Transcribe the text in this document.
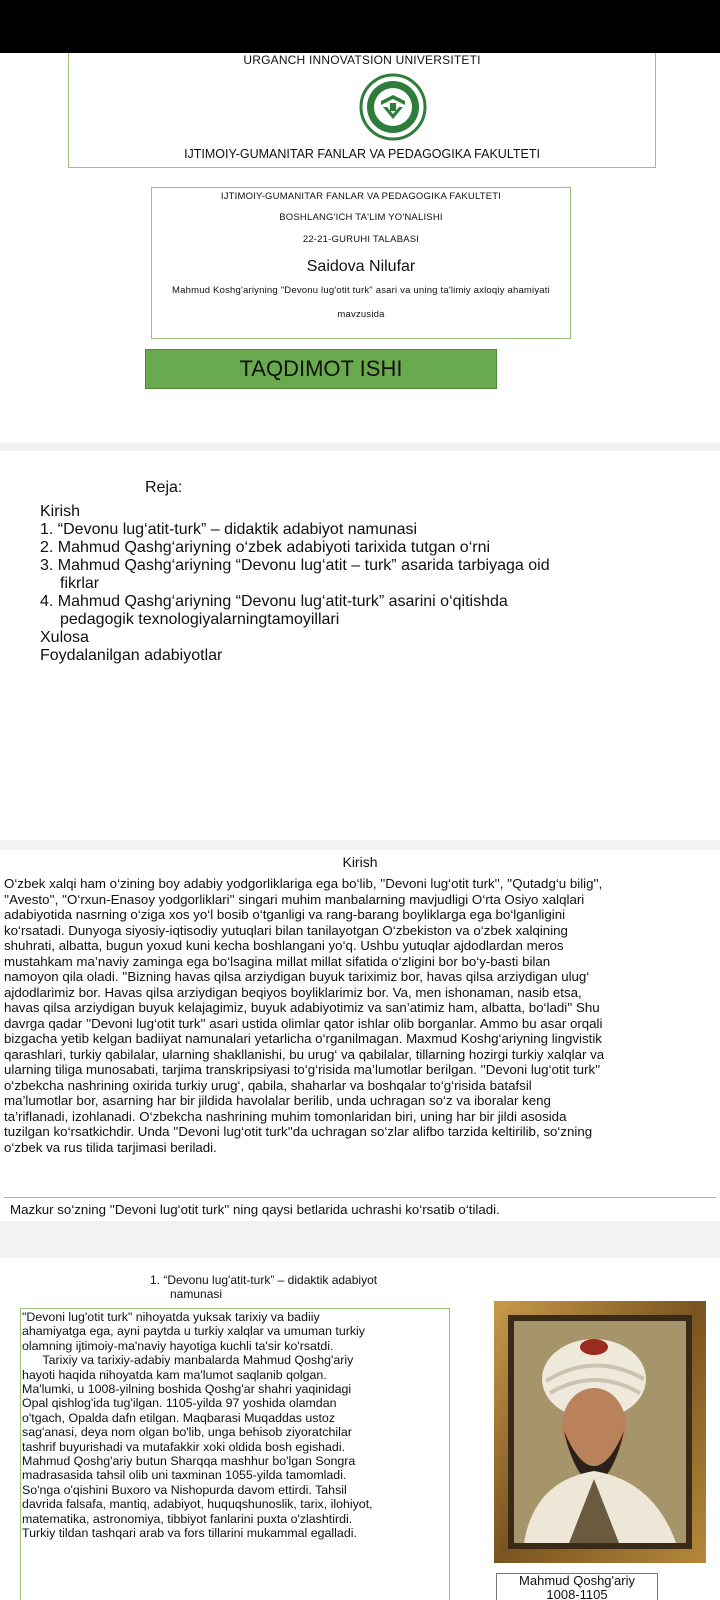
URGANCH INNOVATSION UNIVERSITETI
IJTIMOIY-GUMANITAR FANLAR VA PEDAGOGIKA FAKULTETI
IJTIMOIY-GUMANITAR FANLAR VA PEDAGOGIKA FAKULTETI
BOSHLANG'ICH TA'LIM YO'NALISHI
22-21-GURUHI TALABASI
Saidova Nilufar
Mahmud Koshg'ariyning "Devonu lug'otit turk" asari va uning ta'limiy axloqiy ahamiyati
mavzusida
TAQDIMOT ISHI
Reja:
Kirish
1. “Devonu lug‘atit-turk” – didaktik adabiyot namunasi
2. Mahmud Qashg‘ariyning o‘zbek adabiyoti tarixida tutgan o‘rni
3. Mahmud Qashg‘ariyning “Devonu lug‘atit – turk” asarida tarbiyaga oid
fikrlar
4. Mahmud Qashg‘ariyning “Devonu lug‘atit-turk” asarini o‘qitishda
pedagogik texnologiyalarningtamoyillari
Xulosa
Foydalanilgan adabiyotlar
Kirish
O‘zbek xalqi ham o‘zining boy adabiy yodgorliklariga ega bo‘lib, ''Devoni lug‘otit turk'', ''Qutadg‘u bilig'',
''Avesto'', ''O‘rxun-Enasoy yodgorliklari'' singari muhim manbalarning mavjudligi O‘rta Osiyo xalqlari
adabiyotida nasrning o‘ziga xos yo‘l bosib o‘tganligi va rang-barang boyliklarga ega bo‘lganligini
ko‘rsatadi. Dunyoga siyosiy-iqtisodiy yutuqlari bilan tanilayotgan O‘zbekiston va o‘zbek xalqining
shuhrati, albatta, bugun yoxud kuni kecha boshlangani yo‘q. Ushbu yutuqlar ajdodlardan meros
mustahkam ma’naviy zaminga ega bo‘lsagina millat millat sifatida o‘zligini bor bo‘y-basti bilan
namoyon qila oladi. ''Bizning havas qilsa arziydigan buyuk tariximiz bor, havas qilsa arziydigan ulug‘
ajdodlarimiz bor. Havas qilsa arziydigan beqiyos boyliklarimiz bor. Va, men ishonaman, nasib etsa,
havas qilsa arziydigan buyuk kelajagimiz, buyuk adabiyotimiz va san’atimiz ham, albatta, bo‘ladi'' Shu
davrga qadar ''Devoni lug‘otit turk'' asari ustida olimlar qator ishlar olib borganlar. Ammo bu asar orqali
bizgacha yetib kelgan badiiyat namunalari yetarlicha o‘rganilmagan. Maxmud Koshg‘ariyning lingvistik
qarashlari, turkiy qabilalar, ularning shakllanishi, bu urug‘ va qabilalar, tillarning hozirgi turkiy xalqlar va
ularning tiliga munosabati, tarjima transkripsiyasi to‘g‘risida ma’lumotlar berilgan. ''Devoni lug‘otit turk''
o‘zbekcha nashrining oxirida turkiy urug‘, qabila, shaharlar va boshqalar to‘g‘risida batafsil
ma’lumotlar bor, asarning har bir jildida havolalar berilib, unda uchragan so‘z va iboralar keng
ta’riflanadi, izohlanadi. O‘zbekcha nashrining muhim tomonlaridan biri, uning har bir jildi asosida
tuzilgan ko‘rsatkichdir. Unda ''Devoni lug‘otit turk''da uchragan so‘zlar alifbo tarzida keltirilib, so‘zning
o‘zbek va rus tilida tarjimasi beriladi.
Mazkur so‘zning ''Devoni lug‘otit turk'' ning qaysi betlarida uchrashi ko‘rsatib o‘tiladi.
1. “Devonu lug'atit-turk” – didaktik adabiyot
namunasi
"Devoni lug'otit turk" nihoyatda yuksak tarixiy va badiiy
ahamiyatga ega, ayni paytda u turkiy xalqlar va umuman turkiy
olamning ijtimoiy-ma'naviy hayotiga kuchli ta'sir ko'rsatdi.
Tarixiy va tarixiy-adabiy manbalarda Mahmud Qoshg'ariy
hayoti haqida nihoyatda kam ma'lumot saqlanib qolgan.
Ma'lumki, u 1008-yilning boshida Qoshg'ar shahri yaqinidagi
Opal qishlog'ida tug'ilgan. 1105-yilda 97 yoshida olamdan
o'tgach, Opalda dafn etilgan. Maqbarasi Muqaddas ustoz
sag'anasi, deya nom olgan bo'lib, unga behisob ziyoratchilar
tashrif buyurishadi va mutafakkir xoki oldida bosh egishadi.
Mahmud Qoshg'ariy butun Sharqqa mashhur bo'lgan Songra
madrasasida tahsil olib uni taxminan 1055-yilda tamomladi.
So'nga o'qishini Buxoro va Nishopurda davom ettirdi. Tahsil
davrida falsafa, mantiq, adabiyot, huquqshunoslik, tarix, ilohiyot,
matematika, astronomiya, tibbiyot fanlarini puxta o'zlashtirdi.
Turkiy tildan tashqari arab va fors tillarini mukammal egalladi.
Mahmud Qoshg'ariy
1008-1105
